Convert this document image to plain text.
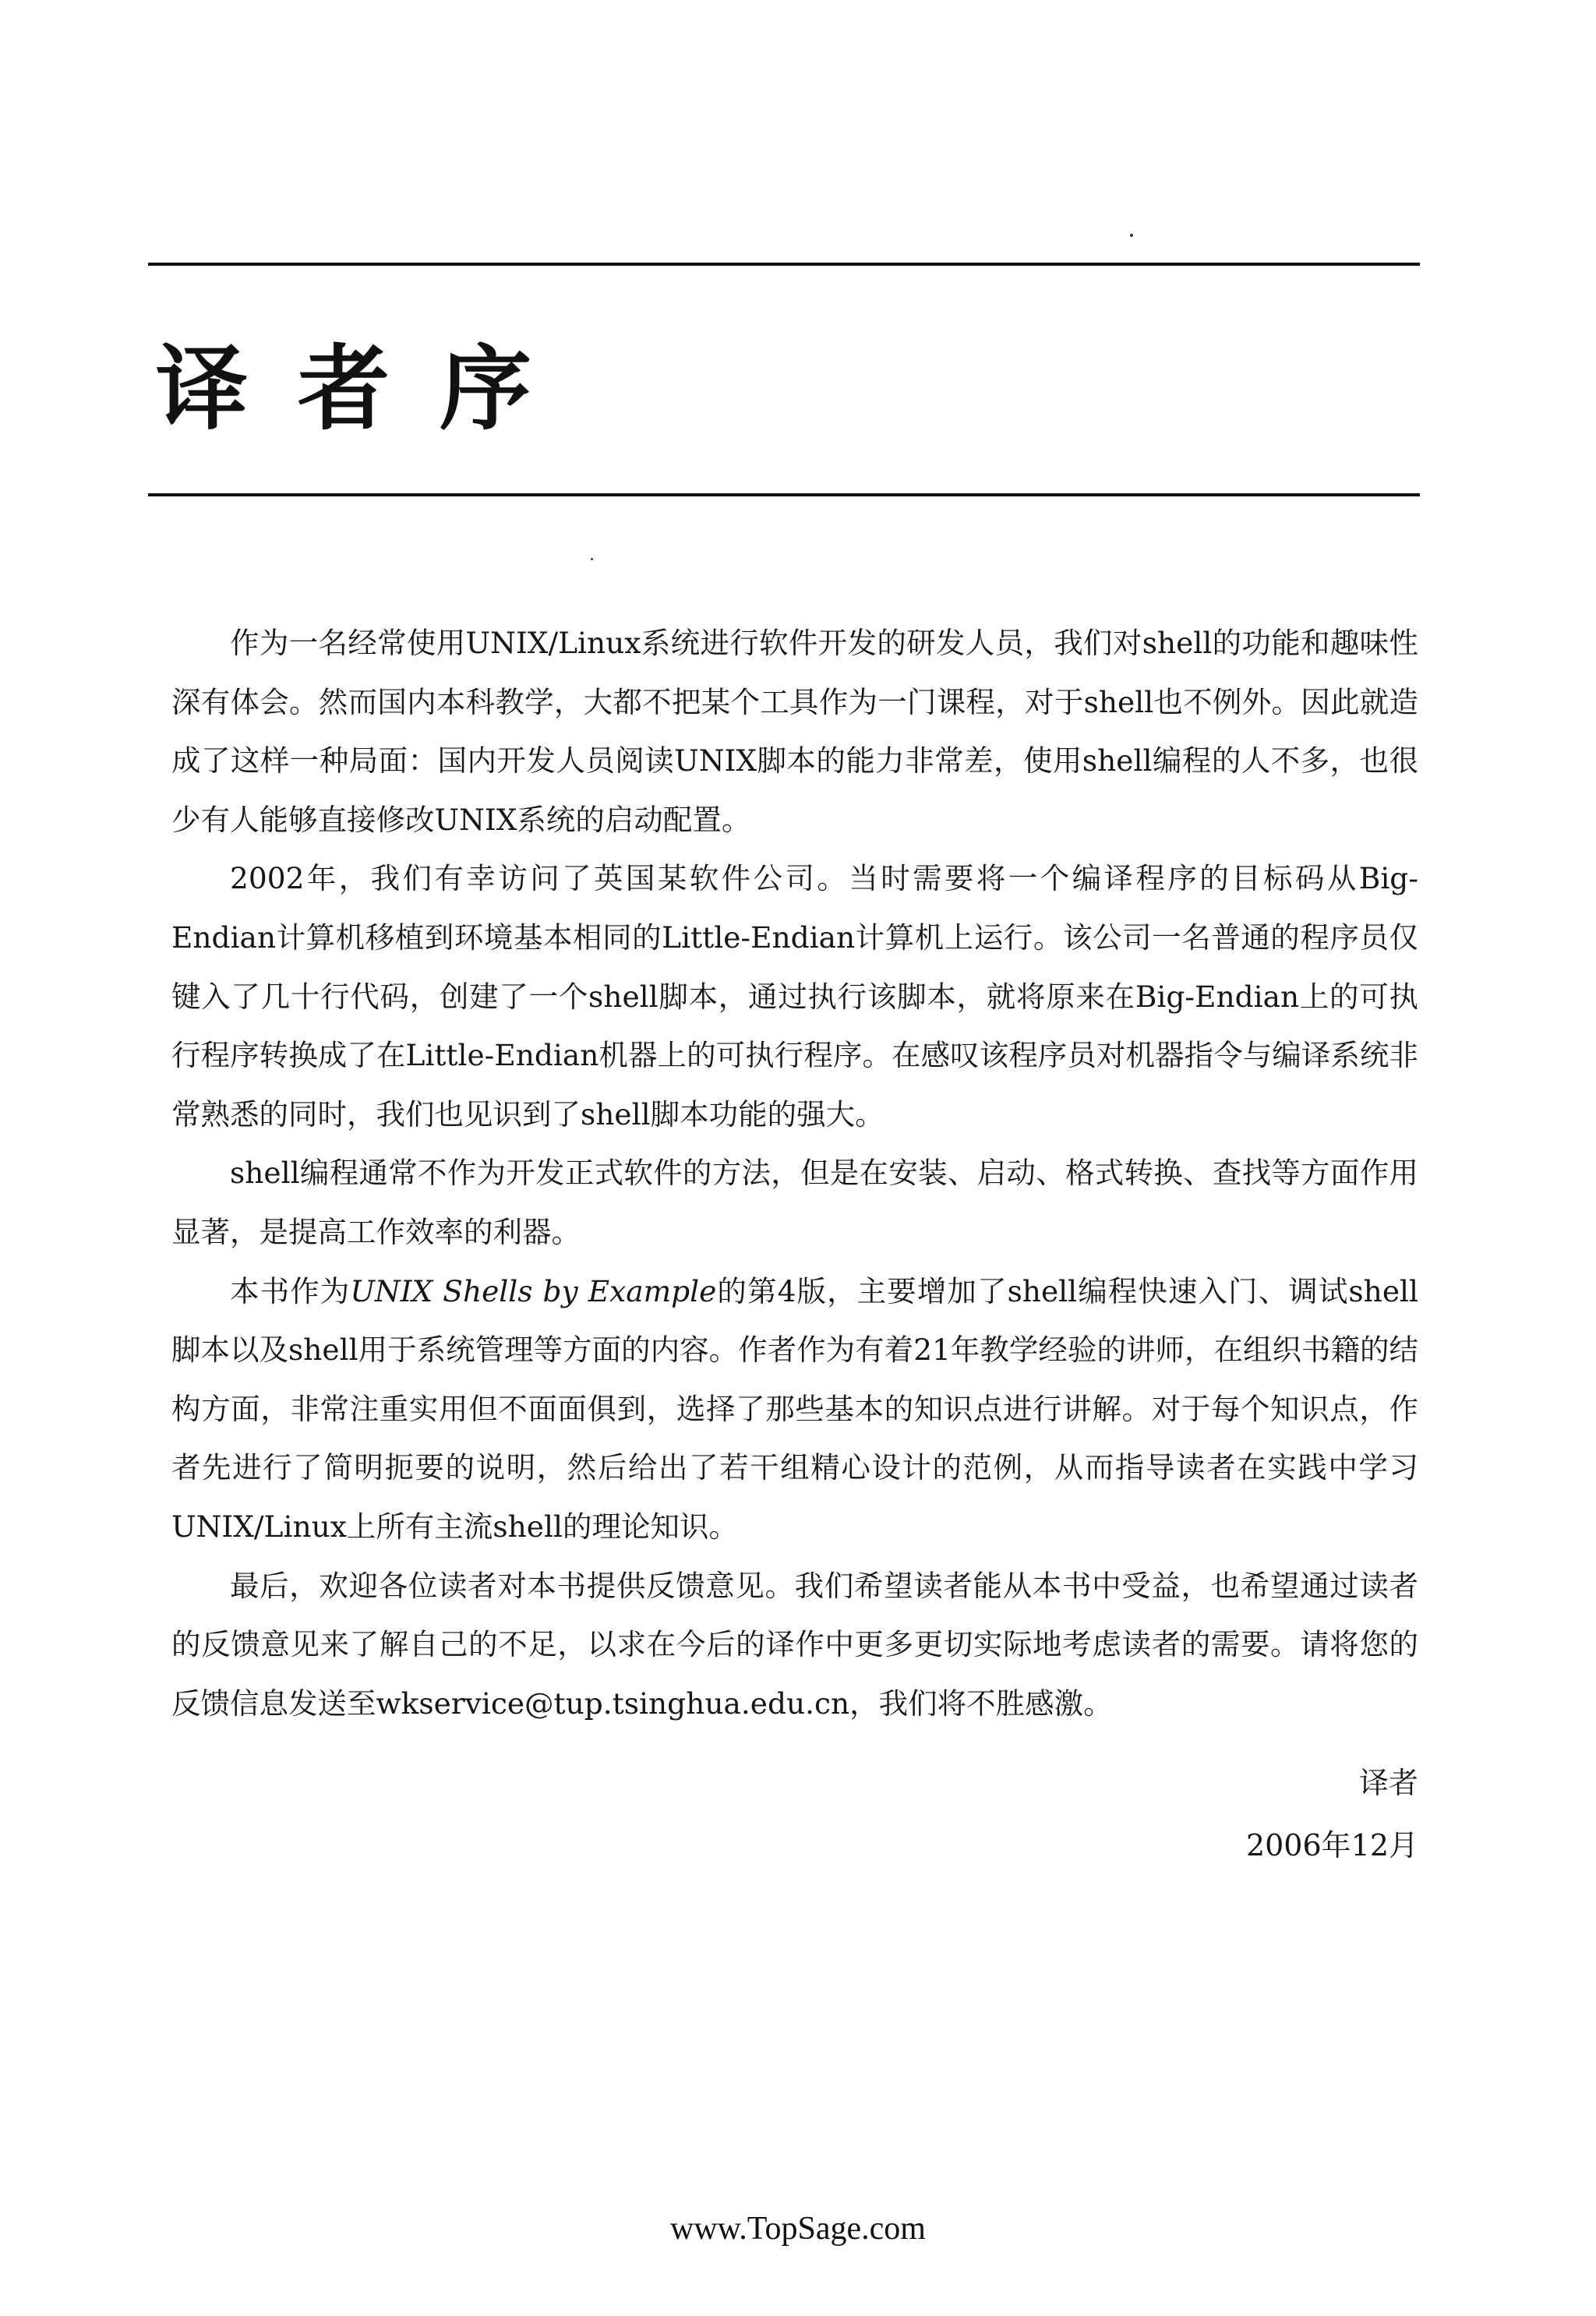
译者序

作为一名经常使用UNIX/Linux系统进行软件开发的研发人员，我们对shell的功能和趣味性深有体会。然而国内本科教学，大都不把某个工具作为一门课程，对于shell也不例外。因此就造成了这样一种局面：国内开发人员阅读UNIX脚本的能力非常差，使用shell编程的人不多，也很少有人能够直接修改UNIX系统的启动配置。

2002年，我们有幸访问了英国某软件公司。当时需要将一个编译程序的目标码从Big-Endian计算机移植到环境基本相同的Little-Endian计算机上运行。该公司一名普通的程序员仅键入了几十行代码，创建了一个shell脚本，通过执行该脚本，就将原来在Big-Endian上的可执行程序转换成了在Little-Endian机器上的可执行程序。在感叹该程序员对机器指令与编译系统非常熟悉的同时，我们也见识到了shell脚本功能的强大。

shell编程通常不作为开发正式软件的方法，但是在安装、启动、格式转换、查找等方面作用显著，是提高工作效率的利器。

本书作为UNIX Shells by Example的第4版，主要增加了shell编程快速入门、调试shell脚本以及shell用于系统管理等方面的内容。作者作为有着21年教学经验的讲师，在组织书籍的结构方面，非常注重实用但不面面俱到，选择了那些基本的知识点进行讲解。对于每个知识点，作者先进行了简明扼要的说明，然后给出了若干组精心设计的范例，从而指导读者在实践中学习UNIX/Linux上所有主流shell的理论知识。

最后，欢迎各位读者对本书提供反馈意见。我们希望读者能从本书中受益，也希望通过读者的反馈意见来了解自己的不足，以求在今后的译作中更多更切实际地考虑读者的需要。请将您的反馈信息发送至wkservice@tup.tsinghua.edu.cn，我们将不胜感激。

译者
2006年12月
www.TopSage.com
